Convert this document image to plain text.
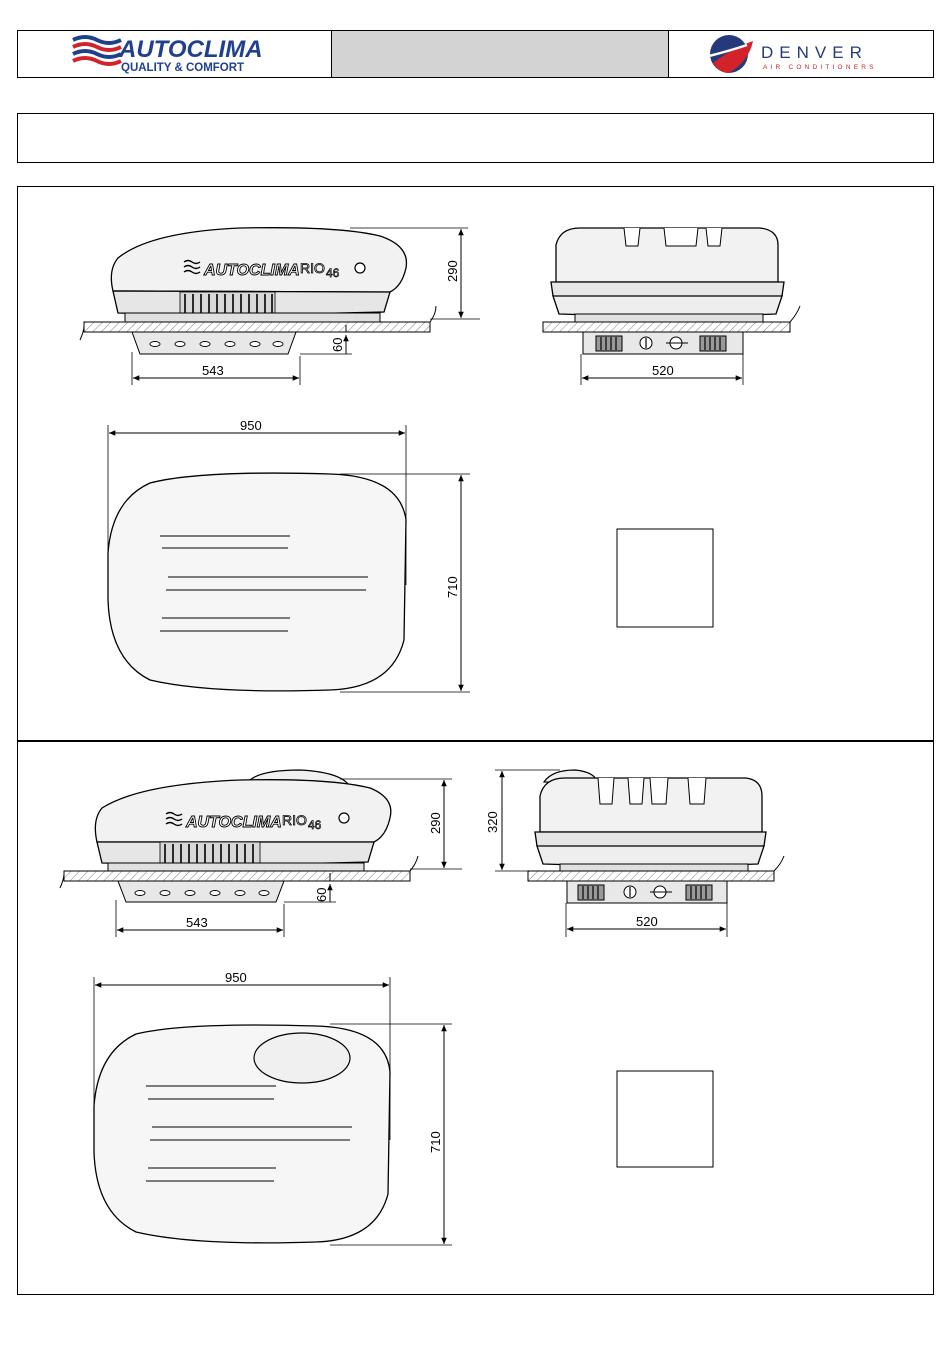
AUTOCLIMA
QUALITY & COMFORT
DENVER
AIR CONDITIONERS
AUTOCLIMA RIO 46	290
60
543	520
950
710
AUTOCLIMA RIO 46	290
60
543
320
520
950
710
